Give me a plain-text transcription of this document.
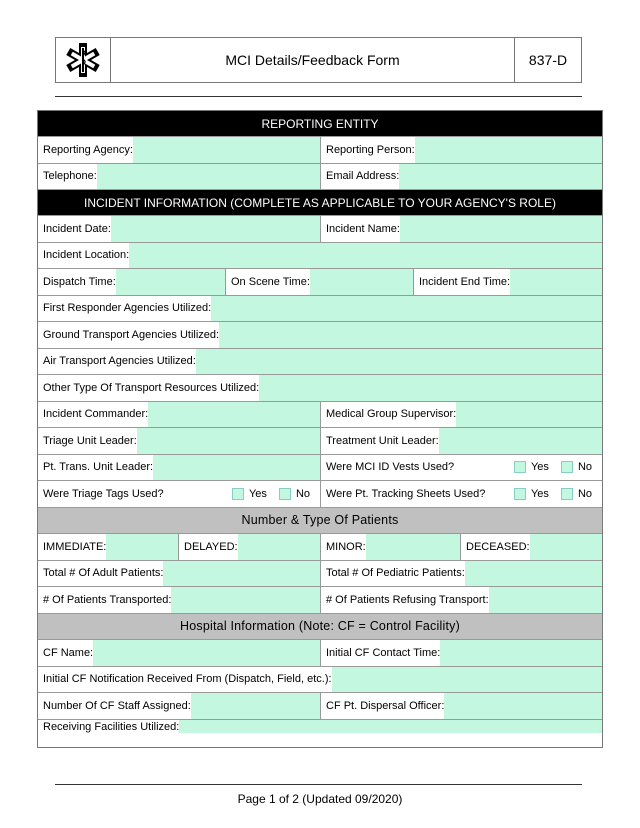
MCI Details/Feedback Form	837-D
REPORTING ENTITY
Reporting Agency:	Reporting Person:
Telephone:	Email Address:
INCIDENT INFORMATION (COMPLETE AS APPLICABLE TO YOUR AGENCY'S ROLE)
Incident Date:	Incident Name:
Incident Location:
Dispatch Time:	On Scene Time:	Incident End Time:
First Responder Agencies Utilized:
Ground Transport Agencies Utilized:
Air Transport Agencies Utilized:
Other Type Of Transport Resources Utilized:
Incident Commander:	Medical Group Supervisor:
Triage Unit Leader:	Treatment Unit Leader:
Pt. Trans. Unit Leader:	Were MCI ID Vests Used?	Yes	No
Were Triage Tags Used?	Yes	No	Were Pt. Tracking Sheets Used?	Yes	No
Number & Type Of Patients
IMMEDIATE:	DELAYED:	MINOR:	DECEASED:
Total # Of Adult Patients:	Total # Of Pediatric Patients:
# Of Patients Transported:	# Of Patients Refusing Transport:
Hospital Information (Note: CF = Control Facility)
CF Name:	Initial CF Contact Time:
Initial CF Notification Received From (Dispatch, Field, etc.):
Number Of CF Staff Assigned:	CF Pt. Dispersal Officer:
Receiving Facilities Utilized:
Page 1 of 2 (Updated 09/2020)
